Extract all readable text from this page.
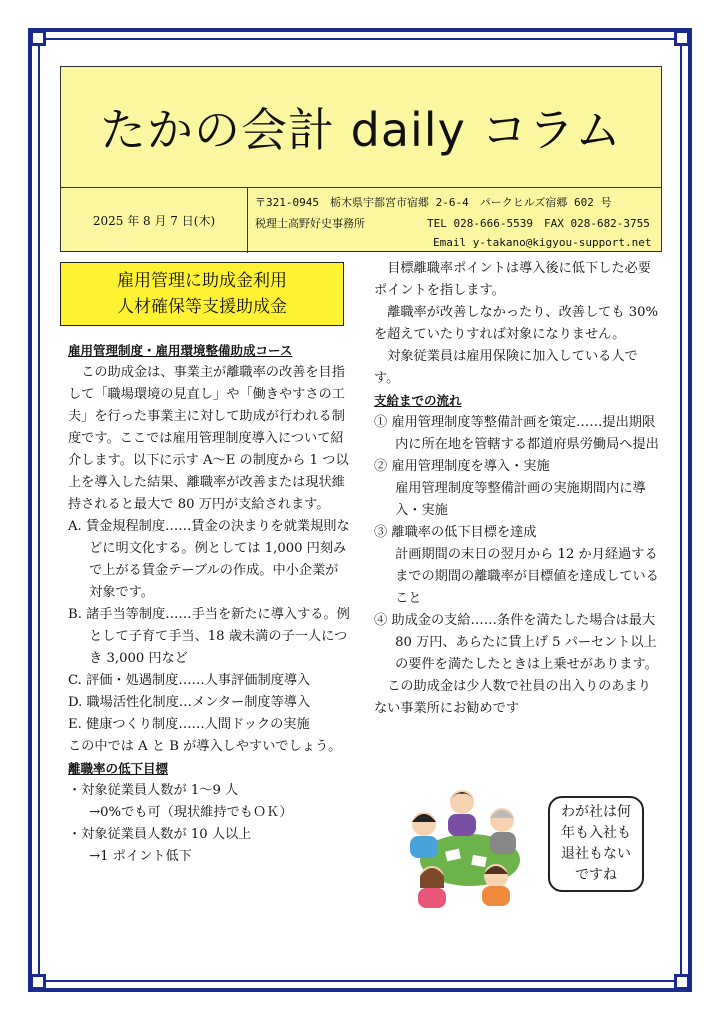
たかの会計 daily コラム
2025 年 8 月 7 日(木)
〒321-0945　栃木県宇都宮市宿郷 2-6-4　パークヒルズ宿郷 602 号
税理士高野好史事務所	TEL 028-666-5539　FAX 028-682-3755
Email y-takano@kigyou-support.net
雇用管理に助成金利用
人材確保等支援助成金

雇用管理制度・雇用環境整備助成コース

この助成金は、事業主が離職率の改善を目指して「職場環境の見直し」や「働きやすさの工夫」を行った事業主に対して助成が行われる制度です。ここでは雇用管理制度導入について紹介します。以下に示す A～E の制度から 1 つ以上を導入した結果、離職率が改善または現状維持されると最大で 80 万円が支給されます。

A. 賃金規程制度……賃金の決まりを就業規則などに明文化する。例としては 1,000 円刻みで上がる賃金テーブルの作成。中小企業が対象です。

B. 諸手当等制度……手当を新たに導入する。例として子育て手当、18 歳未満の子一人につき 3,000 円など

C. 評価・処遇制度……人事評価制度導入

D. 職場活性化制度…メンター制度等導入

E. 健康つくり制度……人間ドックの実施

この中では A と B が導入しやすいでしょう。

離職率の低下目標

・対象従業員人数が 1～9 人

→0%でも可（現状維持でもＯＫ）

・対象従業員人数が 10 人以上

→1 ポイント低下

目標離職率ポイントは導入後に低下した必要ポイントを指します。

離職率が改善しなかったり、改善しても 30%を超えていたりすれば対象になりません。

対象従業員は雇用保険に加入している人です。

支給までの流れ

① 雇用管理制度等整備計画を策定……提出期限内に所在地を管轄する都道府県労働局へ提出

② 雇用管理制度を導入・実施

雇用管理制度等整備計画の実施期間内に導入・実施

③ 離職率の低下目標を達成

計画期間の末日の翌月から 12 か月経過するまでの期間の離職率が目標値を達成していること

④ 助成金の支給……条件を満たした場合は最大 80 万円、あらたに賃上げ 5 パーセント以上の要件を満たしたときは上乗せがあります。

この助成金は少人数で社員の出入りのあまりない事業所にお勧めです

わが社は何
年も入社も
退社もない
ですね
